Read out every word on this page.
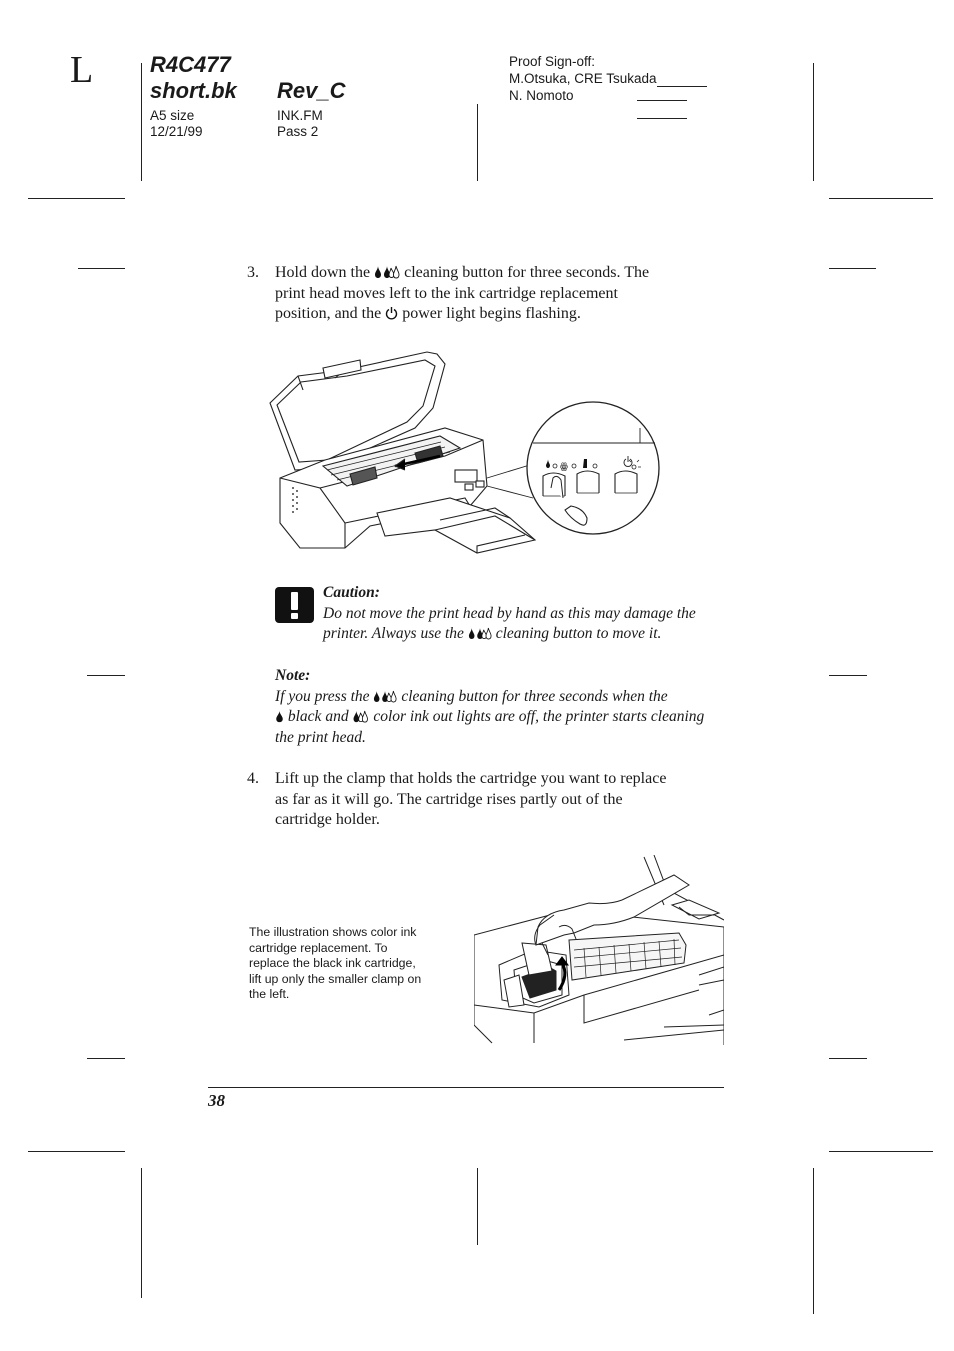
L	R4C477
short.bk Rev_C
A5 size
12/21/99
INK.FM
Pass 2
Proof Sign-off:
M.Otsuka, CRE Tsukada
N. Nomoto
3. Hold down the cleaning button for three seconds. The
print head moves left to the ink cartridge replacement
position, and the power light begins flashing.
ꙮ
Caution:
Do not move the print head by hand as this may damage the
printer. Always use the cleaning button to move it.
Note:
If you press the cleaning button for three seconds when the
black and color ink out lights are off, the printer starts cleaning
the print head.
4. Lift up the clamp that holds the cartridge you want to replace
as far as it will go. The cartridge rises partly out of the
cartridge holder.
The illustration shows color ink
cartridge replacement. To
replace the black ink cartridge,
lift up only the smaller clamp on
the left.
38
